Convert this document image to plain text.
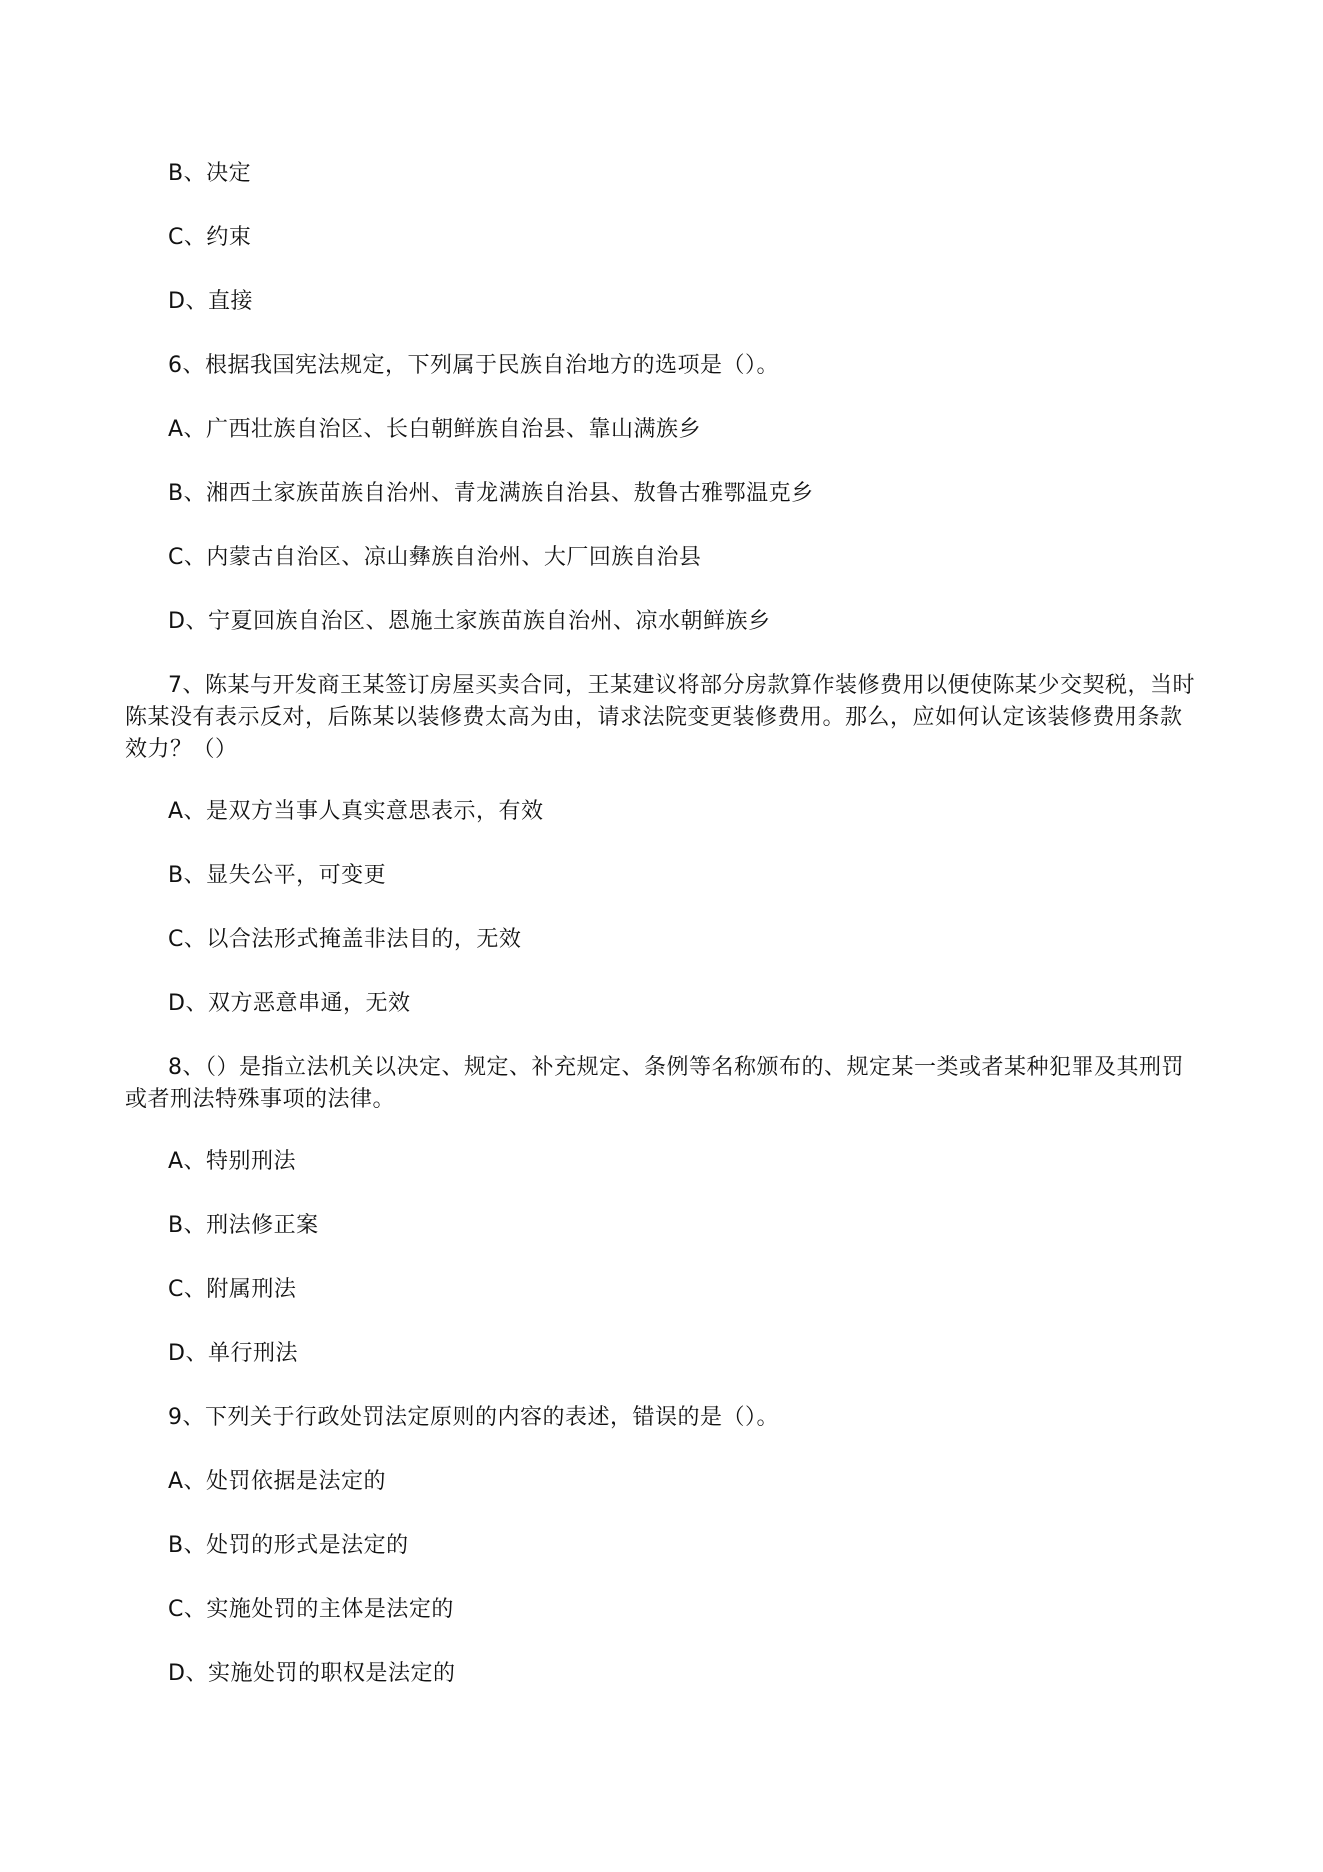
B、决定
C、约束
D、直接
6、根据我国宪法规定，下列属于民族自治地方的选项是（）。
A、广西壮族自治区、长白朝鲜族自治县、靠山满族乡
B、湘西土家族苗族自治州、青龙满族自治县、敖鲁古雅鄂温克乡
C、内蒙古自治区、凉山彝族自治州、大厂回族自治县
D、宁夏回族自治区、恩施土家族苗族自治州、凉水朝鲜族乡
7、陈某与开发商王某签订房屋买卖合同，王某建议将部分房款算作装修费用以便使陈某少交契税，当时陈某没有表示反对，后陈某以装修费太高为由，请求法院变更装修费用。那么，应如何认定该装修费用条款效力？（）
A、是双方当事人真实意思表示，有效
B、显失公平，可变更
C、以合法形式掩盖非法目的，无效
D、双方恶意串通，无效
8、（）是指立法机关以决定、规定、补充规定、条例等名称颁布的、规定某一类或者某种犯罪及其刑罚或者刑法特殊事项的法律。
A、特别刑法
B、刑法修正案
C、附属刑法
D、单行刑法
9、下列关于行政处罚法定原则的内容的表述，错误的是（）。
A、处罚依据是法定的
B、处罚的形式是法定的
C、实施处罚的主体是法定的
D、实施处罚的职权是法定的
